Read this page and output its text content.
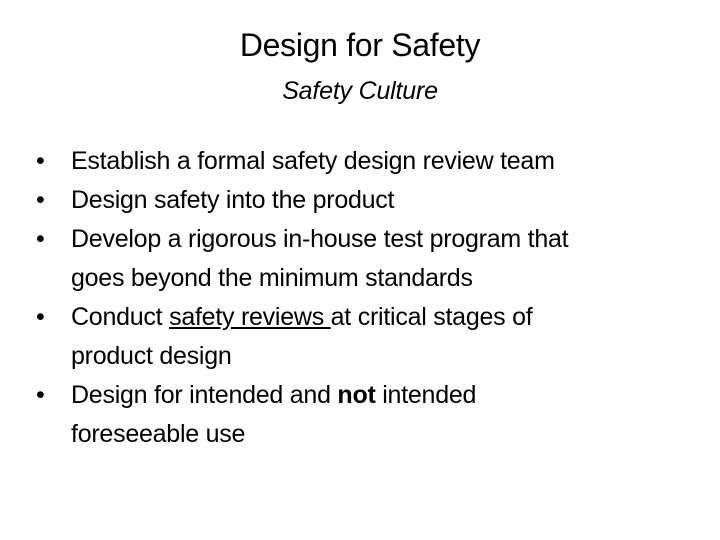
Design for Safety
Safety Culture
•	Establish a formal safety design review team
•	Design safety into the product
•	Develop a rigorous in-house test program that
goes beyond the minimum standards
•	Conduct safety reviews at critical stages of
product design
•	Design for intended and not intended
foreseeable use
